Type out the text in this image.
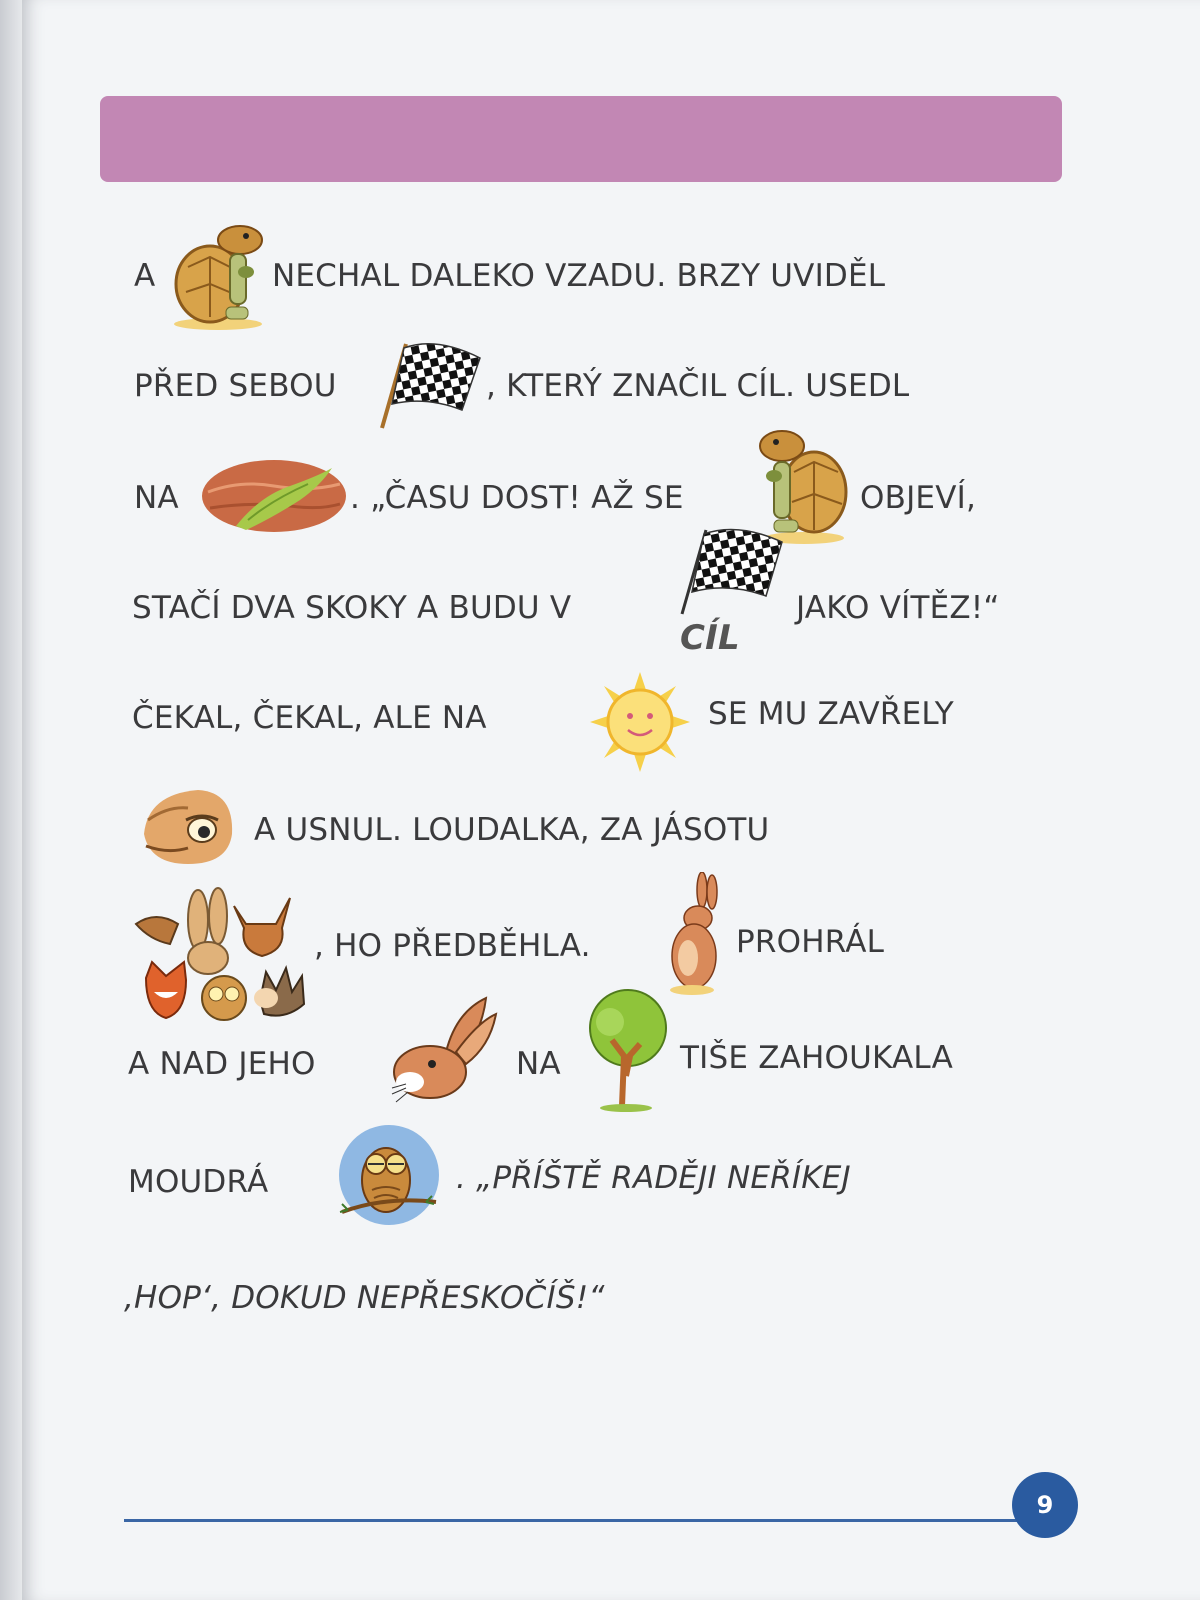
A	NECHAL DALEKO VZADU. BRZY UVIDĚL
PŘED SEBOU	, KTERÝ ZNAČIL CÍL. USEDL
NA	. „ČASU DOST! AŽ SE	OBJEVÍ,
STAČÍ DVA SKOKY A BUDU V
CÍL
JAKO VÍTĚZ!“
ČEKAL, ČEKAL, ALE NA	SE MU ZAVŘELY
A USNUL. LOUDALKA, ZA JÁSOTU
, HO PŘEDBĚHLA.	PROHRÁL
A NAD JEHO	NA	TIŠE ZAHOUKALA
MOUDRÁ	. „PŘÍŠTĚ RADĚJI NEŘÍKEJ
‚HOP‘, DOKUD NEPŘESKOČÍŠ!“
9
